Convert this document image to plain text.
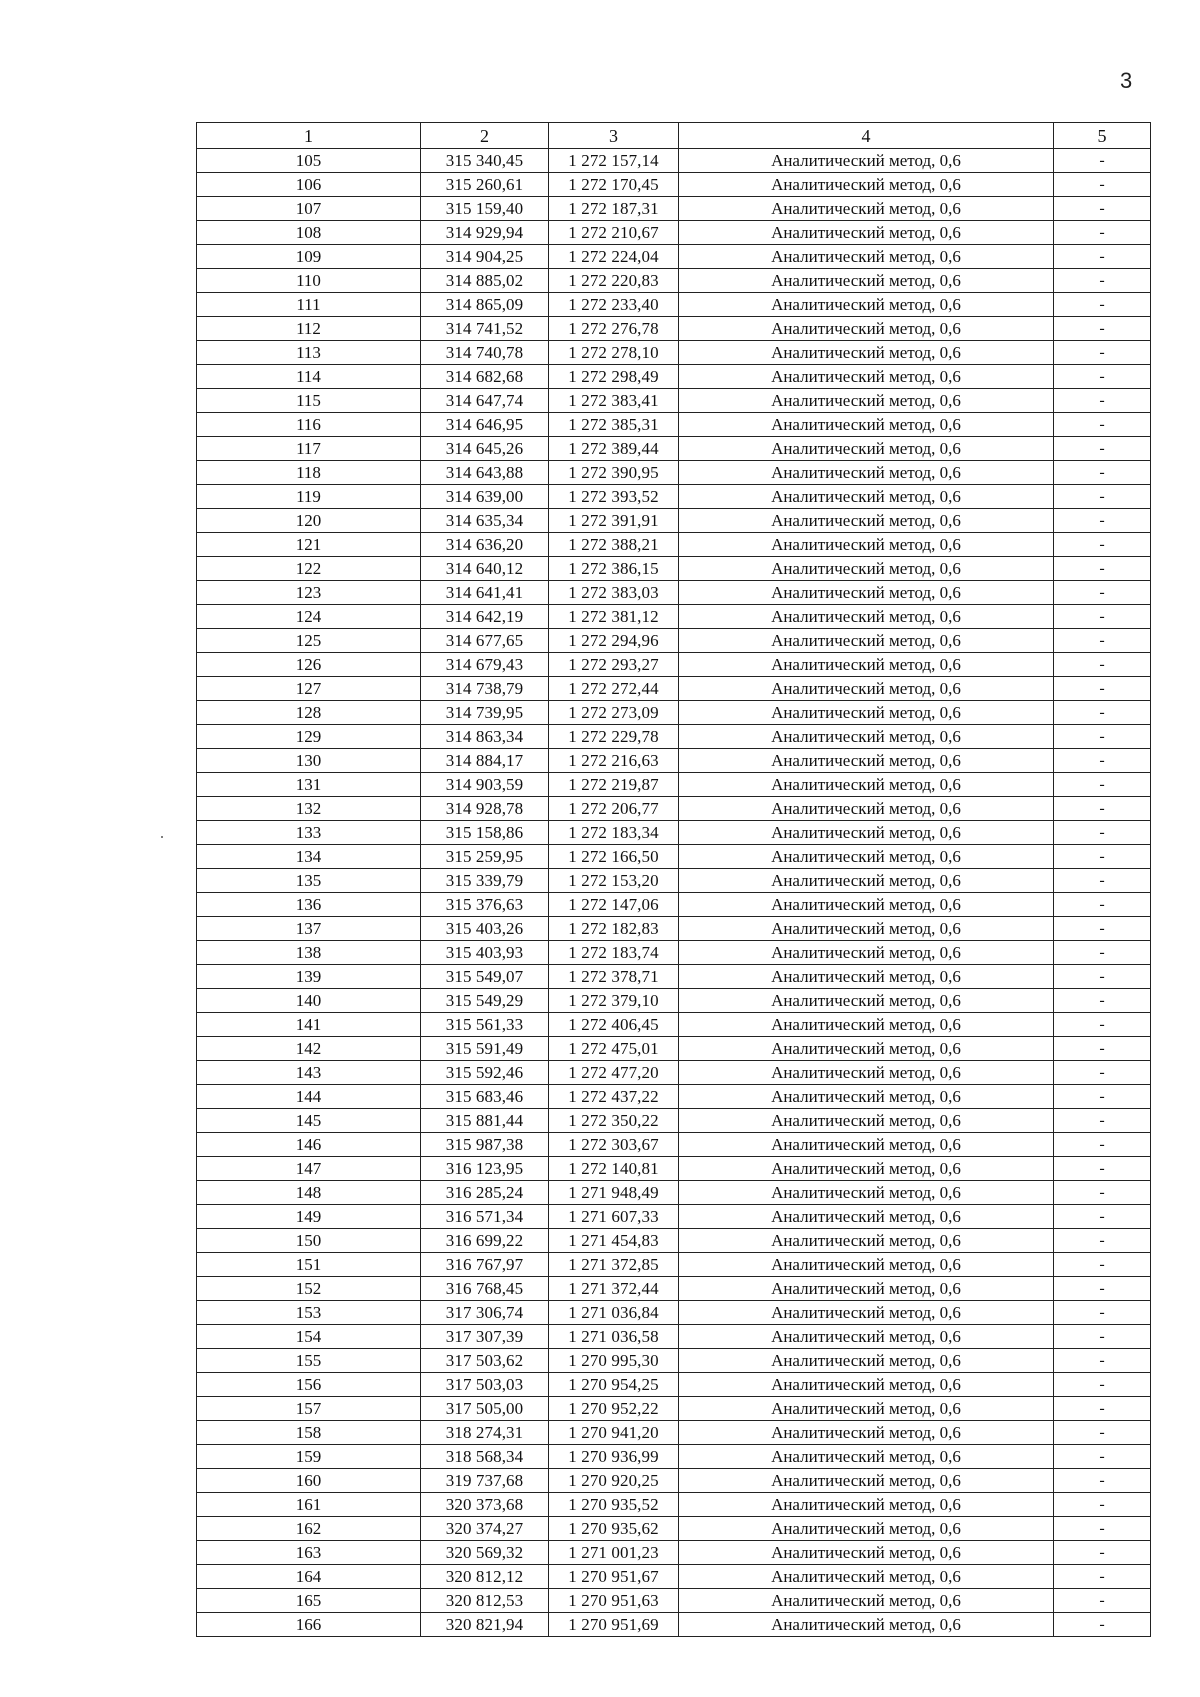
3
1	2	3	4	5
105	315 340,45	1 272 157,14	Аналитический метод, 0,6	-
106	315 260,61	1 272 170,45	Аналитический метод, 0,6	-
107	315 159,40	1 272 187,31	Аналитический метод, 0,6	-
108	314 929,94	1 272 210,67	Аналитический метод, 0,6	-
109	314 904,25	1 272 224,04	Аналитический метод, 0,6	-
110	314 885,02	1 272 220,83	Аналитический метод, 0,6	-
111	314 865,09	1 272 233,40	Аналитический метод, 0,6	-
112	314 741,52	1 272 276,78	Аналитический метод, 0,6	-
113	314 740,78	1 272 278,10	Аналитический метод, 0,6	-
114	314 682,68	1 272 298,49	Аналитический метод, 0,6	-
115	314 647,74	1 272 383,41	Аналитический метод, 0,6	-
116	314 646,95	1 272 385,31	Аналитический метод, 0,6	-
117	314 645,26	1 272 389,44	Аналитический метод, 0,6	-
118	314 643,88	1 272 390,95	Аналитический метод, 0,6	-
119	314 639,00	1 272 393,52	Аналитический метод, 0,6	-
120	314 635,34	1 272 391,91	Аналитический метод, 0,6	-
121	314 636,20	1 272 388,21	Аналитический метод, 0,6	-
122	314 640,12	1 272 386,15	Аналитический метод, 0,6	-
123	314 641,41	1 272 383,03	Аналитический метод, 0,6	-
124	314 642,19	1 272 381,12	Аналитический метод, 0,6	-
125	314 677,65	1 272 294,96	Аналитический метод, 0,6	-
126	314 679,43	1 272 293,27	Аналитический метод, 0,6	-
127	314 738,79	1 272 272,44	Аналитический метод, 0,6	-
128	314 739,95	1 272 273,09	Аналитический метод, 0,6	-
129	314 863,34	1 272 229,78	Аналитический метод, 0,6	-
130	314 884,17	1 272 216,63	Аналитический метод, 0,6	-
131	314 903,59	1 272 219,87	Аналитический метод, 0,6	-
132	314 928,78	1 272 206,77	Аналитический метод, 0,6	-
133	315 158,86	1 272 183,34	Аналитический метод, 0,6	-
134	315 259,95	1 272 166,50	Аналитический метод, 0,6	-
135	315 339,79	1 272 153,20	Аналитический метод, 0,6	-
136	315 376,63	1 272 147,06	Аналитический метод, 0,6	-
137	315 403,26	1 272 182,83	Аналитический метод, 0,6	-
138	315 403,93	1 272 183,74	Аналитический метод, 0,6	-
139	315 549,07	1 272 378,71	Аналитический метод, 0,6	-
140	315 549,29	1 272 379,10	Аналитический метод, 0,6	-
141	315 561,33	1 272 406,45	Аналитический метод, 0,6	-
142	315 591,49	1 272 475,01	Аналитический метод, 0,6	-
143	315 592,46	1 272 477,20	Аналитический метод, 0,6	-
144	315 683,46	1 272 437,22	Аналитический метод, 0,6	-
145	315 881,44	1 272 350,22	Аналитический метод, 0,6	-
146	315 987,38	1 272 303,67	Аналитический метод, 0,6	-
147	316 123,95	1 272 140,81	Аналитический метод, 0,6	-
148	316 285,24	1 271 948,49	Аналитический метод, 0,6	-
149	316 571,34	1 271 607,33	Аналитический метод, 0,6	-
150	316 699,22	1 271 454,83	Аналитический метод, 0,6	-
151	316 767,97	1 271 372,85	Аналитический метод, 0,6	-
152	316 768,45	1 271 372,44	Аналитический метод, 0,6	-
153	317 306,74	1 271 036,84	Аналитический метод, 0,6	-
154	317 307,39	1 271 036,58	Аналитический метод, 0,6	-
155	317 503,62	1 270 995,30	Аналитический метод, 0,6	-
156	317 503,03	1 270 954,25	Аналитический метод, 0,6	-
157	317 505,00	1 270 952,22	Аналитический метод, 0,6	-
158	318 274,31	1 270 941,20	Аналитический метод, 0,6	-
159	318 568,34	1 270 936,99	Аналитический метод, 0,6	-
160	319 737,68	1 270 920,25	Аналитический метод, 0,6	-
161	320 373,68	1 270 935,52	Аналитический метод, 0,6	-
162	320 374,27	1 270 935,62	Аналитический метод, 0,6	-
163	320 569,32	1 271 001,23	Аналитический метод, 0,6	-
164	320 812,12	1 270 951,67	Аналитический метод, 0,6	-
165	320 812,53	1 270 951,63	Аналитический метод, 0,6	-
166	320 821,94	1 270 951,69	Аналитический метод, 0,6	-
